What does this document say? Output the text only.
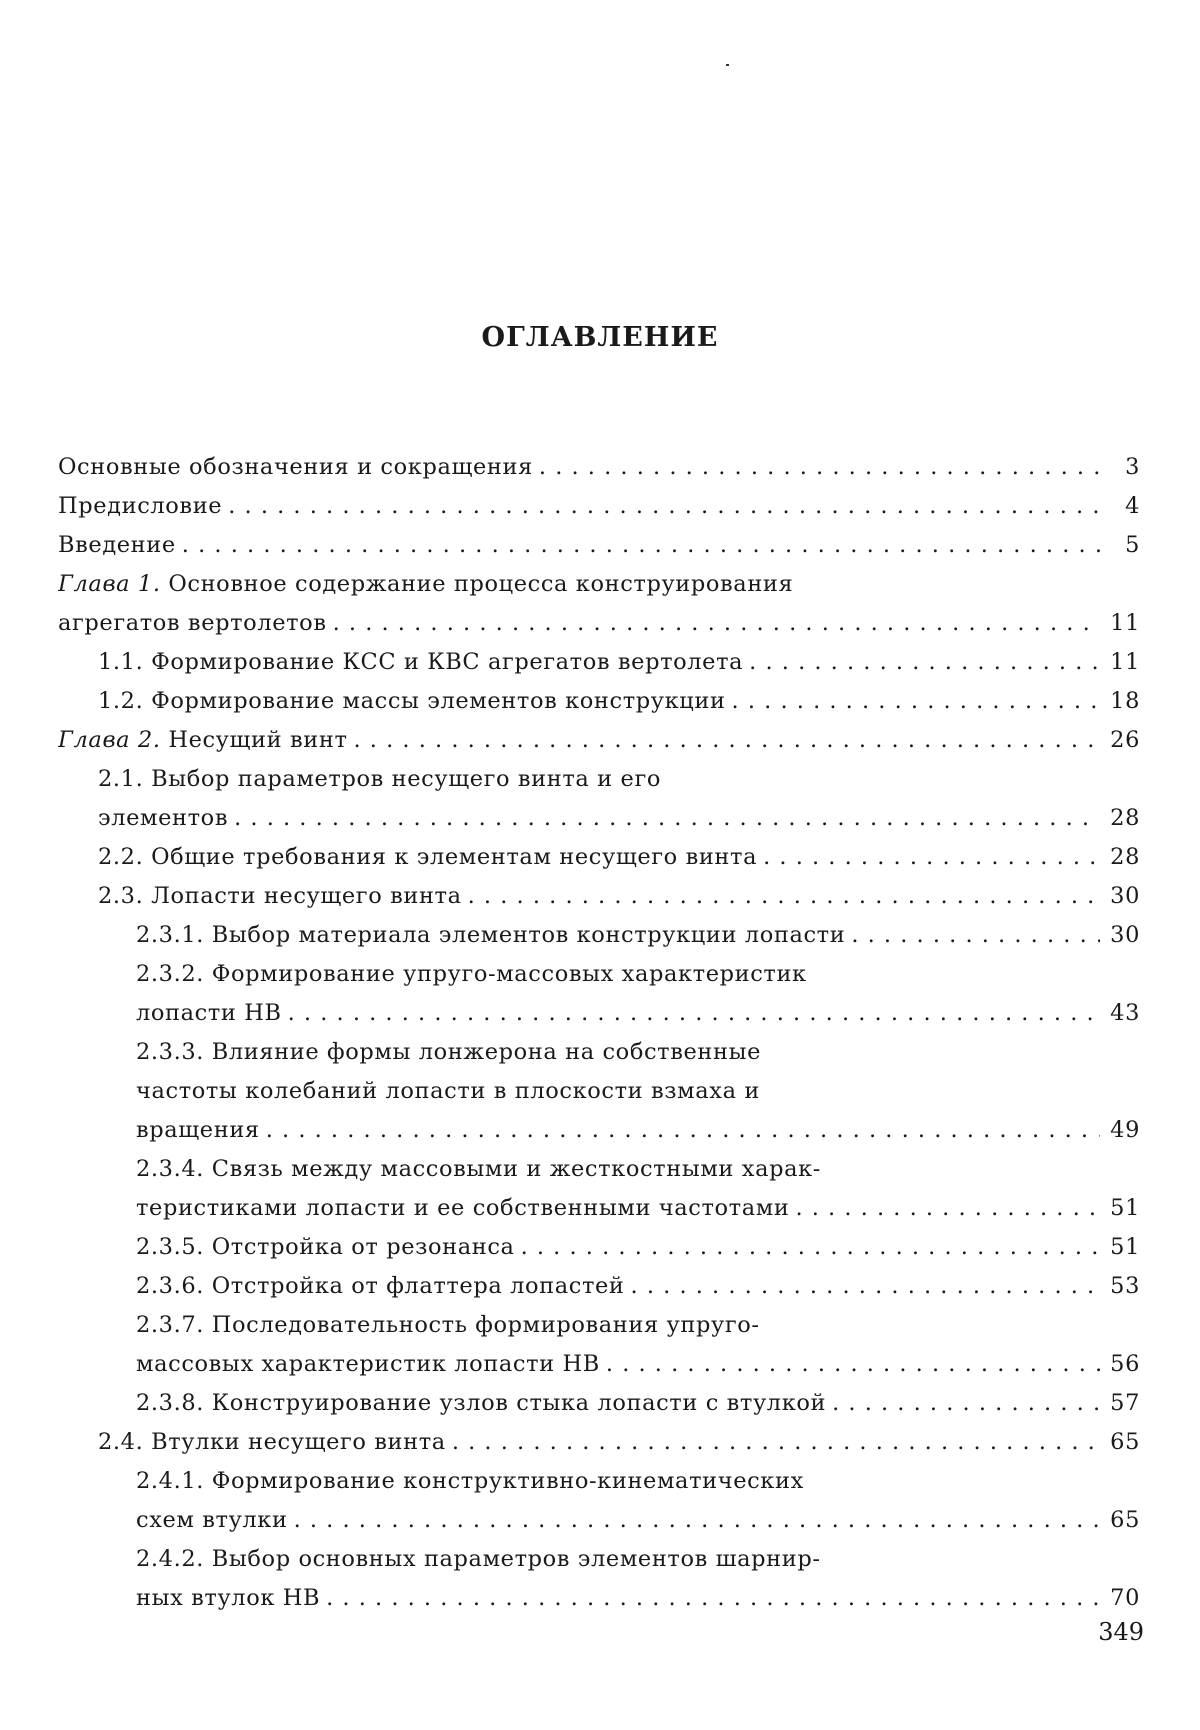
ОГЛАВЛЕНИЕ
Основные обозначения и сокращения
. . .	3
Предисловие
. . .	4
Введение
. . .	5
Глава 1. Основное содержание процесса конструирования
агрегатов вертолетов
. . .	11
1.1. Формирование КСС и КВС агрегатов вертолета
. . .	11
1.2. Формирование массы элементов конструкции
. . .	18
Глава 2. Несущий винт
. . .	26
2.1. Выбор параметров несущего винта и его
элементов
. . .	28
2.2. Общие требования к элементам несущего винта
. . .	28
2.3. Лопасти несущего винта
. . .	30
2.3.1. Выбор материала элементов конструкции лопасти
. . .	30
2.3.2. Формирование упруго-массовых характеристик
лопасти НВ
. . .	43
2.3.3. Влияние формы лонжерона на собственные
частоты колебаний лопасти в плоскости взмаха и
вращения
. . .	49
2.3.4. Связь между массовыми и жесткостными харак-
теристиками лопасти и ее собственными частотами
. . .	51
2.3.5. Отстройка от резонанса
. . .	51
2.3.6. Отстройка от флаттера лопастей
. . .	53
2.3.7. Последовательность формирования упруго-
массовых характеристик лопасти НВ
. . .	56
2.3.8. Конструирование узлов стыка лопасти с втулкой
. . .	57
2.4. Втулки несущего винта
. . .	65
2.4.1. Формирование конструктивно-кинематических
схем втулки
. . .	65
2.4.2. Выбор основных параметров элементов шарнир-
ных втулок НВ
. . .	70
349
